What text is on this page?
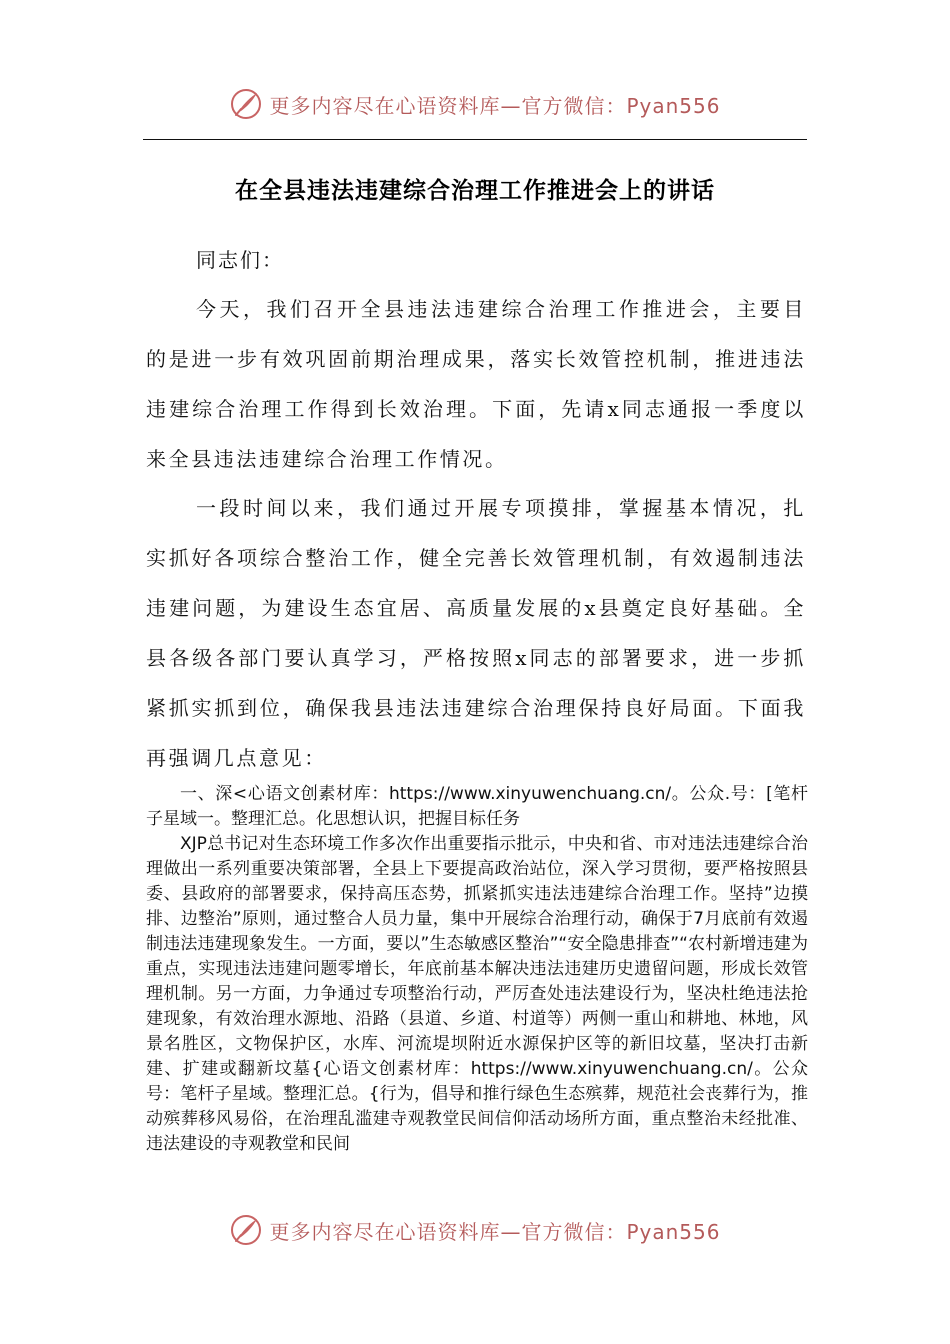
更多内容尽在心语资料库—官方微信：Pyan556
在全县违法违建综合治理工作推进会上的讲话
同志们：

今天，我们召开全县违法违建综合治理工作推进会，主要目的是进一步有效巩固前期治理成果，落实长效管控机制，推进违法违建综合治理工作得到长效治理。下面，先请x同志通报一季度以来全县违法违建综合治理工作情况。

一段时间以来，我们通过开展专项摸排，掌握基本情况，扎实抓好各项综合整治工作，健全完善长效管理机制，有效遏制违法违建问题，为建设生态宜居、高质量发展的x县奠定良好基础。全县各级各部门要认真学习，严格按照x同志的部署要求，进一步抓紧抓实抓到位，确保我县违法违建综合治理保持良好局面。下面我再强调几点意见：

一、深<心语文创素材库：https://www.xinyuwenchuang.cn/。公众.号：[笔杆子星域一。整理汇总。化思想认识，把握目标任务

XJP总书记对生态环境工作多次作出重要指示批示，中央和省、市对违法违建综合治理做出一系列重要决策部署，全县上下要提高政治站位，深入学习贯彻，要严格按照县委、县政府的部署要求，保持高压态势，抓紧抓实违法违建综合治理工作。坚持”边摸排、边整治”原则，通过整合人员力量，集中开展综合治理行动，确保于7月底前有效遏制违法违建现象发生。一方面，要以”生态敏感区整治”“安全隐患排查”“农村新增违建为重点，实现违法违建问题零增长，年底前基本解决违法违建历史遗留问题，形成长效管理机制。另一方面，力争通过专项整治行动，严厉查处违法建设行为，坚决杜绝违法抢建现象，有效治理水源地、沿路（县道、乡道、村道等）两侧一重山和耕地、林地，风景名胜区，文物保护区，水库、河流堤坝附近水源保护区等的新旧坟墓，坚决打击新建、扩建或翻新坟墓{心语文创素材库：https://www.xinyuwenchuang.cn/。公众号：笔杆子星域。整理汇总。{行为，倡导和推行绿色生态殡葬，规范社会丧葬行为，推动殡葬移风易俗，在治理乱滥建寺观教堂民间信仰活动场所方面，重点整治未经批准、违法建设的寺观教堂和民间

更多内容尽在心语资料库—官方微信：Pyan556
